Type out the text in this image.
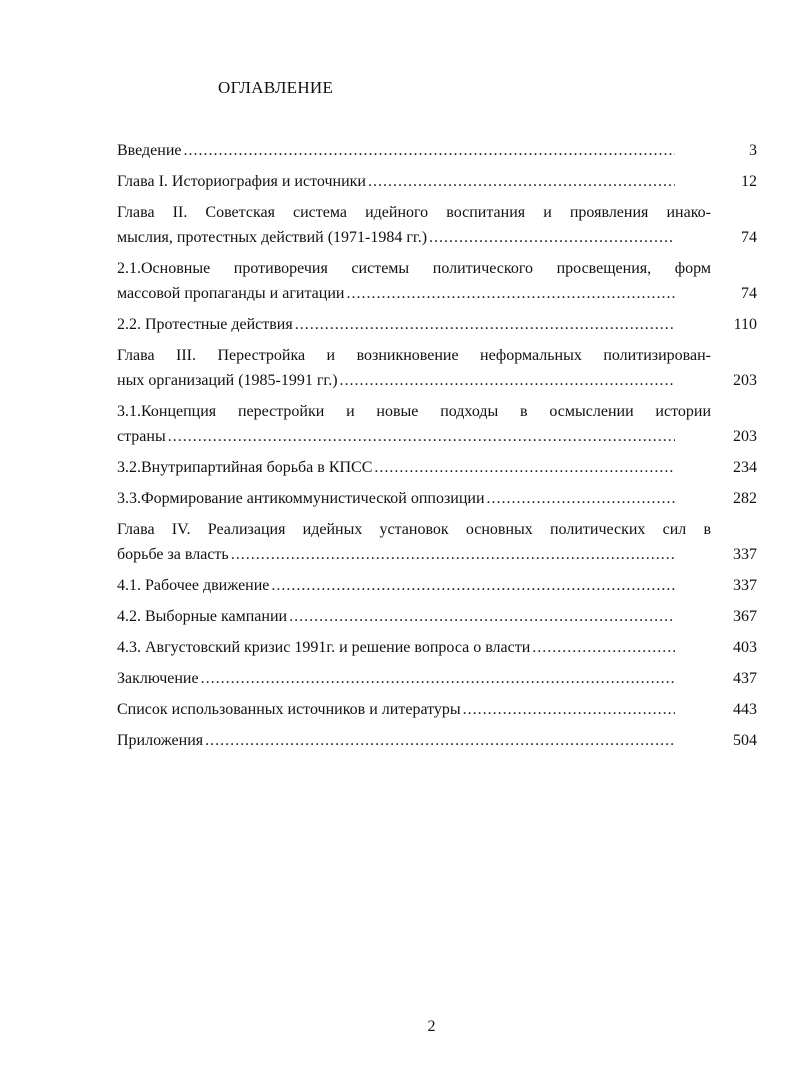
ОГЛАВЛЕНИЕ
Введение .....	3
Глава I. Историография и источники .....	12
Глава II. Советская система идейного воспитания и проявления инако-
мыслия, протестных действий (1971-1984 гг.) .....	74
2.1.Основные противоречия системы политического просвещения, форм
массовой пропаганды и агитации .....	74
2.2. Протестные действия .....	110
Глава III. Перестройка и возникновение неформальных политизирован-
ных организаций (1985-1991 гг.) .....	203
3.1.Концепция перестройки и новые подходы в осмыслении истории
страны .....	203
3.2.Внутрипартийная борьба в КПСС .....	234
3.3.Формирование антикоммунистической оппозиции .....	282
Глава IV. Реализация идейных установок основных политических сил в
борьбе за власть .....	337
4.1. Рабочее движение .....	337
4.2. Выборные кампании .....	367
4.3. Августовский кризис 1991г. и решение вопроса о власти .....	403
Заключение .....	437
Список использованных источников и литературы .....	443
Приложения .....	504
2
